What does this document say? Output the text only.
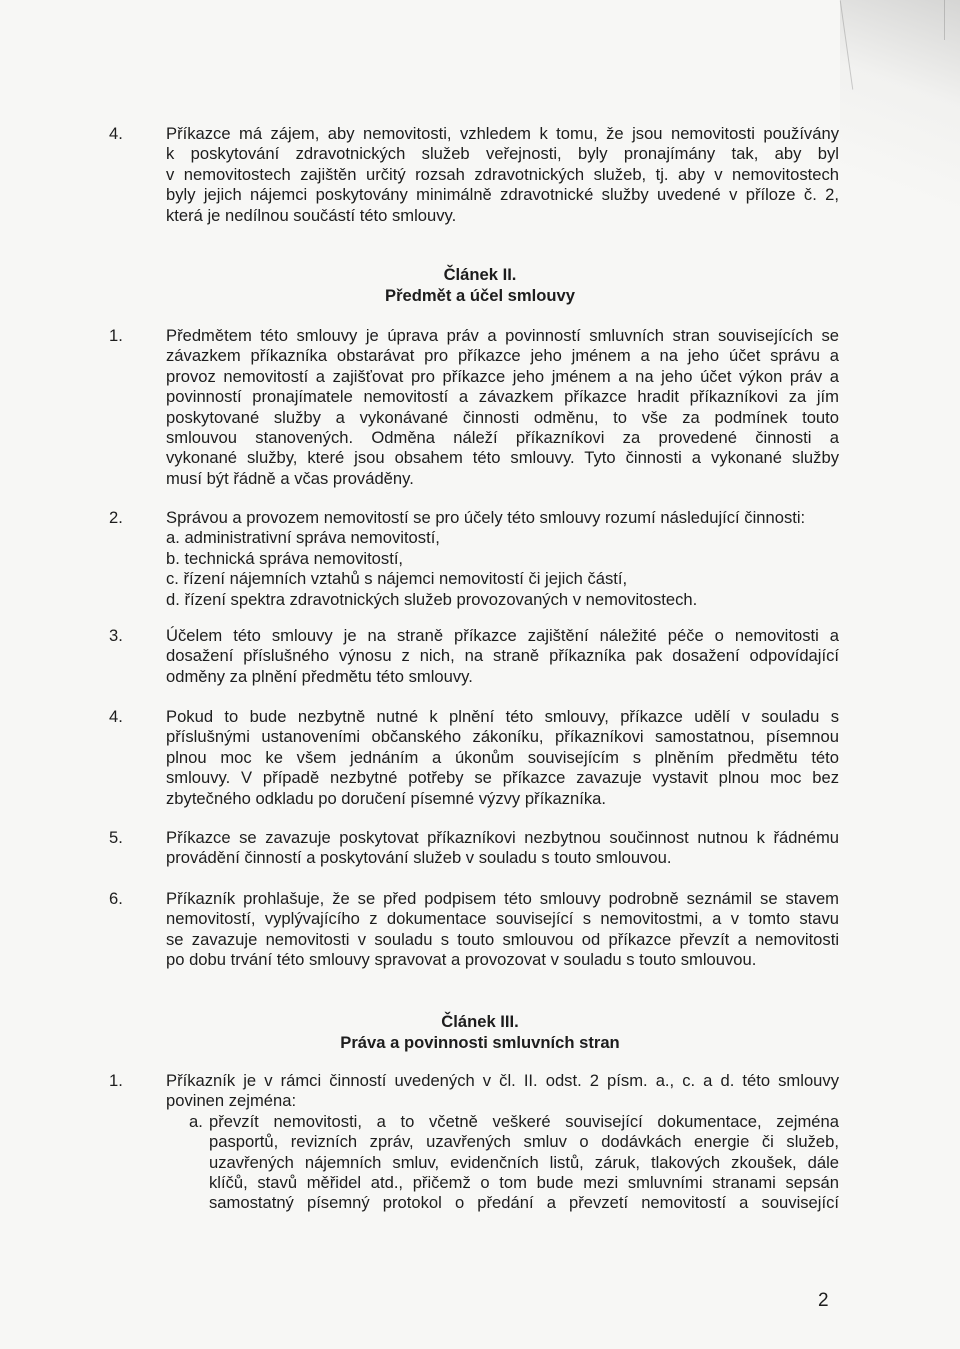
4.	Příkazce má zájem, aby nemovitosti, vzhledem k tomu, že jsou nemovitosti používány
k poskytování zdravotnických služeb veřejnosti, byly pronajímány tak, aby byl
v nemovitostech zajištěn určitý rozsah zdravotnických služeb, tj. aby v nemovitostech
byly jejich nájemci poskytovány minimálně zdravotnické služby uvedené v příloze č. 2,
která je nedílnou součástí této smlouvy.
Článek II.
Předmět a účel smlouvy
1.	Předmětem této smlouvy je úprava práv a povinností smluvních stran souvisejících se
závazkem příkazníka obstarávat pro příkazce jeho jménem a na jeho účet správu a
provoz nemovitostí a zajišťovat pro příkazce jeho jménem a na jeho účet výkon práv a
povinností pronajímatele nemovitostí a závazkem příkazce hradit příkazníkovi za jím
poskytované služby a vykonávané činnosti odměnu, to vše za podmínek touto
smlouvou stanovených. Odměna náleží příkazníkovi za provedené činnosti a
vykonané služby, které jsou obsahem této smlouvy. Tyto činnosti a vykonané služby
musí být řádně a včas prováděny.
2.	Správou a provozem nemovitostí se pro účely této smlouvy rozumí následující činnosti:
a. administrativní správa nemovitostí,
b. technická správa nemovitostí,
c. řízení nájemních vztahů s nájemci nemovitostí či jejich částí,
d. řízení spektra zdravotnických služeb provozovaných v nemovitostech.
3.	Účelem této smlouvy je na straně příkazce zajištění náležité péče o nemovitosti a
dosažení příslušného výnosu z nich, na straně příkazníka pak dosažení odpovídající
odměny za plnění předmětu této smlouvy.
4.	Pokud to bude nezbytně nutné k plnění této smlouvy, příkazce udělí v souladu s
příslušnými ustanoveními občanského zákoníku, příkazníkovi samostatnou, písemnou
plnou moc ke všem jednáním a úkonům souvisejícím s plněním předmětu této
smlouvy. V případě nezbytné potřeby se příkazce zavazuje vystavit plnou moc bez
zbytečného odkladu po doručení písemné výzvy příkazníka.
5.	Příkazce se zavazuje poskytovat příkazníkovi nezbytnou součinnost nutnou k řádnému
provádění činností a poskytování služeb v souladu s touto smlouvou.
6.	Příkazník prohlašuje, že se před podpisem této smlouvy podrobně seznámil se stavem
nemovitostí, vyplývajícího z dokumentace související s nemovitostmi, a v tomto stavu
se zavazuje nemovitosti v souladu s touto smlouvou od příkazce převzít a nemovitosti
po dobu trvání této smlouvy spravovat a provozovat v souladu s touto smlouvou.
Článek III.
Práva a povinnosti smluvních stran
1.	Příkazník je v rámci činností uvedených v čl. II. odst. 2 písm. a., c. a d. této smlouvy
povinen zejména:
a. převzít nemovitosti, a to včetně veškeré související dokumentace, zejména
pasportů, revizních zpráv, uzavřených smluv o dodávkách energie či služeb,
uzavřených nájemních smluv, evidenčních listů, záruk, tlakových zkoušek, dále
klíčů, stavů měřidel atd., přičemž o tom bude mezi smluvními stranami sepsán
samostatný písemný protokol o předání a převzetí nemovitostí a související
2
